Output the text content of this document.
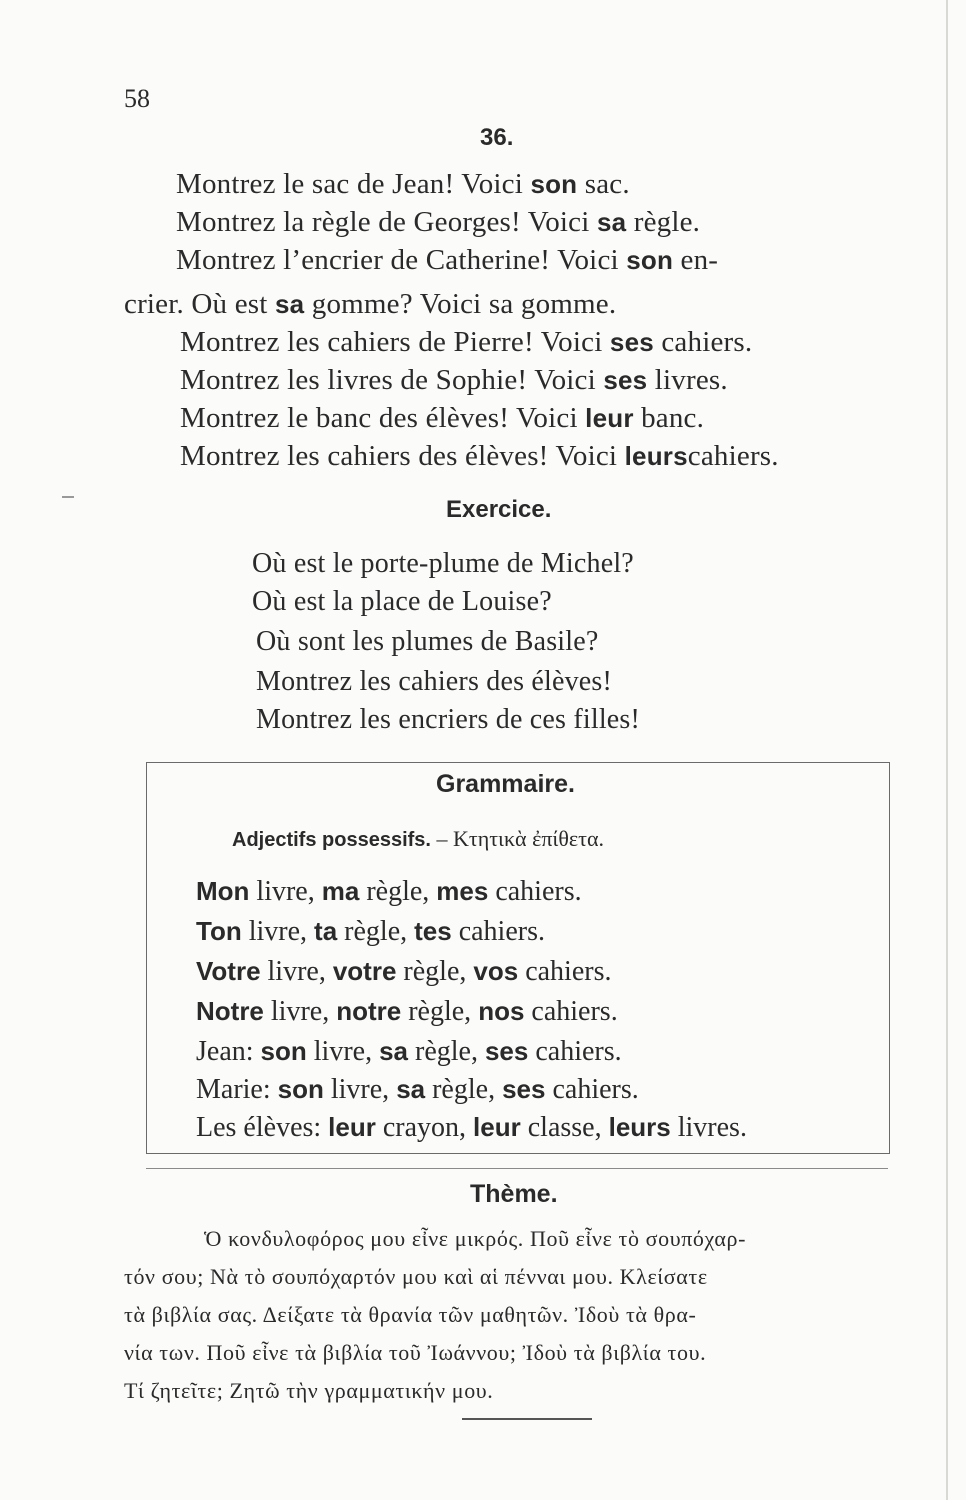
58
36.
Montrez le sac de Jean! Voici son sac.
Montrez la règle de Georges! Voici sa règle.
Montrez l’encrier de Catherine! Voici son en-
crier. Où est sa gomme? Voici sa gomme.
Montrez les cahiers de Pierre! Voici ses cahiers.
Montrez les livres de Sophie! Voici ses livres.
Montrez le banc des élèves! Voici leur banc.
Montrez les cahiers des élèves! Voici leurscahiers.
Exercice.
Où est le porte-plume de Michel?
Où est la place de Louise?
Où sont les plumes de Basile?
Montrez les cahiers des élèves!
Montrez les encriers de ces filles!
Grammaire.
Adjectifs possessifs. – Κτητικὰ ἐπίθετα.
Mon livre, ma règle, mes cahiers.
Ton livre, ta règle, tes cahiers.
Votre livre, votre règle, vos cahiers.
Notre livre, notre règle, nos cahiers.
Jean: son livre, sa règle, ses cahiers.
Marie: son livre, sa règle, ses cahiers.
Les élèves: leur crayon, leur classe, leurs livres.
Thème.
Ὁ κονδυλοφόρος μου εἶνε μικρός. Ποῦ εἶνε τὸ σουπόχαρ-
τόν σου; Νὰ τὸ σουπόχαρτόν μου καὶ αἱ πένναι μου. Κλείσατε
τὰ βιβλία σας. Δείξατε τὰ θρανία τῶν μαθητῶν. Ἰδοὺ τὰ θρα-
νία των. Ποῦ εἶνε τὰ βιβλία τοῦ Ἰωάννου; Ἰδοὺ τὰ βιβλία του.
Τί ζητεῖτε; Ζητῶ τὴν γραμματικήν μου.
